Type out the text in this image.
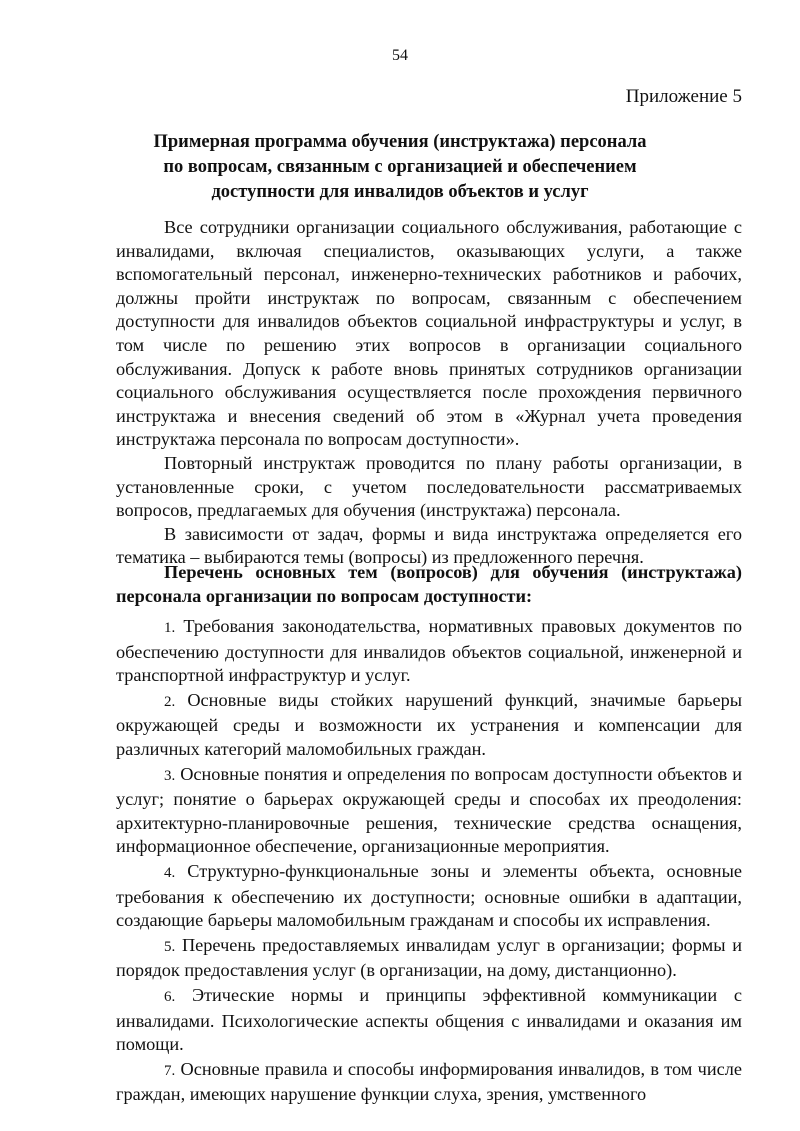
54
Приложение 5
Примерная программа обучения (инструктажа) персонала
по вопросам, связанным с организацией и обеспечением
доступности для инвалидов объектов и услуг

Все сотрудники организации социального обслуживания, работающие с инвалидами, включая специалистов, оказывающих услуги, а также вспомогательный персонал, инженерно-технических работников и рабочих, должны пройти инструктаж по вопросам, связанным с обеспечением доступности для инвалидов объектов социальной инфраструктуры и услуг, в том числе по решению этих вопросов в организации социального обслуживания. Допуск к работе вновь принятых сотрудников организации социального обслуживания осуществляется после прохождения первичного инструктажа и внесения сведений об этом в «Журнал учета проведения инструктажа персонала по вопросам доступности».

Повторный инструктаж проводится по плану работы организации, в установленные сроки, с учетом последовательности рассматриваемых вопросов, предлагаемых для обучения (инструктажа) персонала.

В зависимости от задач, формы и вида инструктажа определяется его тематика – выбираются темы (вопросы) из предложенного перечня.

Перечень основных тем (вопросов) для обучения (инструктажа) персонала организации по вопросам доступности:

1. Требования законодательства, нормативных правовых документов по обеспечению доступности для инвалидов объектов социальной, инженерной и транспортной инфраструктур и услуг.

2. Основные виды стойких нарушений функций, значимые барьеры окружающей среды и возможности их устранения и компенсации для различных категорий маломобильных граждан.

3. Основные понятия и определения по вопросам доступности объектов и услуг; понятие о барьерах окружающей среды и способах их преодоления: архитектурно-планировочные решения, технические средства оснащения, информационное обеспечение, организационные мероприятия.

4. Структурно-функциональные зоны и элементы объекта, основные требования к обеспечению их доступности; основные ошибки в адаптации, создающие барьеры маломобильным гражданам и способы их исправления.

5. Перечень предоставляемых инвалидам услуг в организации; формы и порядок предоставления услуг (в организации, на дому, дистанционно).

6. Этические нормы и принципы эффективной коммуникации с инвалидами. Психологические аспекты общения с инвалидами и оказания им помощи.

7. Основные правила и способы информирования инвалидов, в том числе граждан, имеющих нарушение функции слуха, зрения, умственного
